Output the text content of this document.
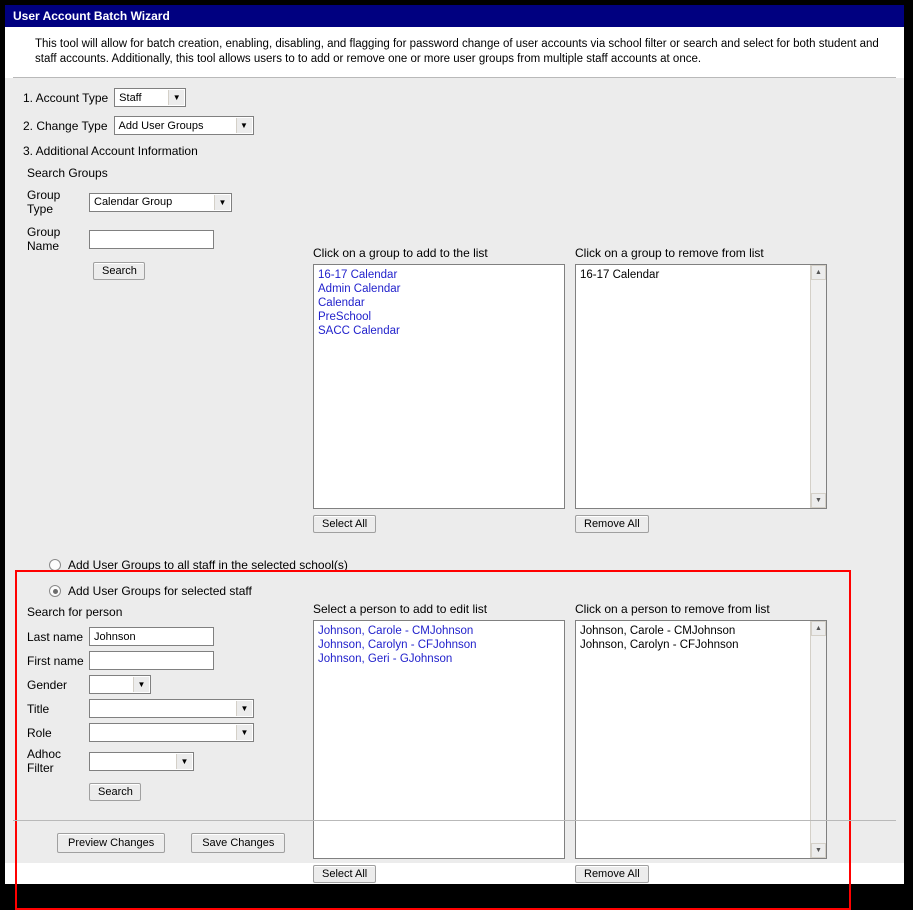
User Account Batch Wizard
This tool will allow for batch creation, enabling, disabling, and flagging for password change of user accounts via school filter or search and select for both student and staff accounts. Additionally, this tool allows users to to add or remove one or more user groups from multiple staff accounts at once.
1. Account Type Staff	▼
2. Change Type Add User Groups	▼
3. Additional Account Information
Search Groups
Group Type	Calendar Group	▼
Group Name
Search
Click on a group to add to the list
16-17 Calendar
Admin Calendar
Calendar
PreSchool
SACC Calendar
Select All
Click on a group to remove from list
16-17 Calendar	▲
▼
Remove All
Add User Groups to all staff in the selected school(s)
Add User Groups for selected staff
Search for person
Last name Johnson
First name
Gender	▼
Title	▼
Role	▼
Adhoc Filter	▼
Search
Select a person to add to edit list
Johnson, Carole - CMJohnson
Johnson, Carolyn - CFJohnson
Johnson, Geri - GJohnson
Select All
Click on a person to remove from list
Johnson, Carole - CMJohnson
Johnson, Carolyn - CFJohnson
▲
▼
Remove All
Preview Changes	Save Changes
